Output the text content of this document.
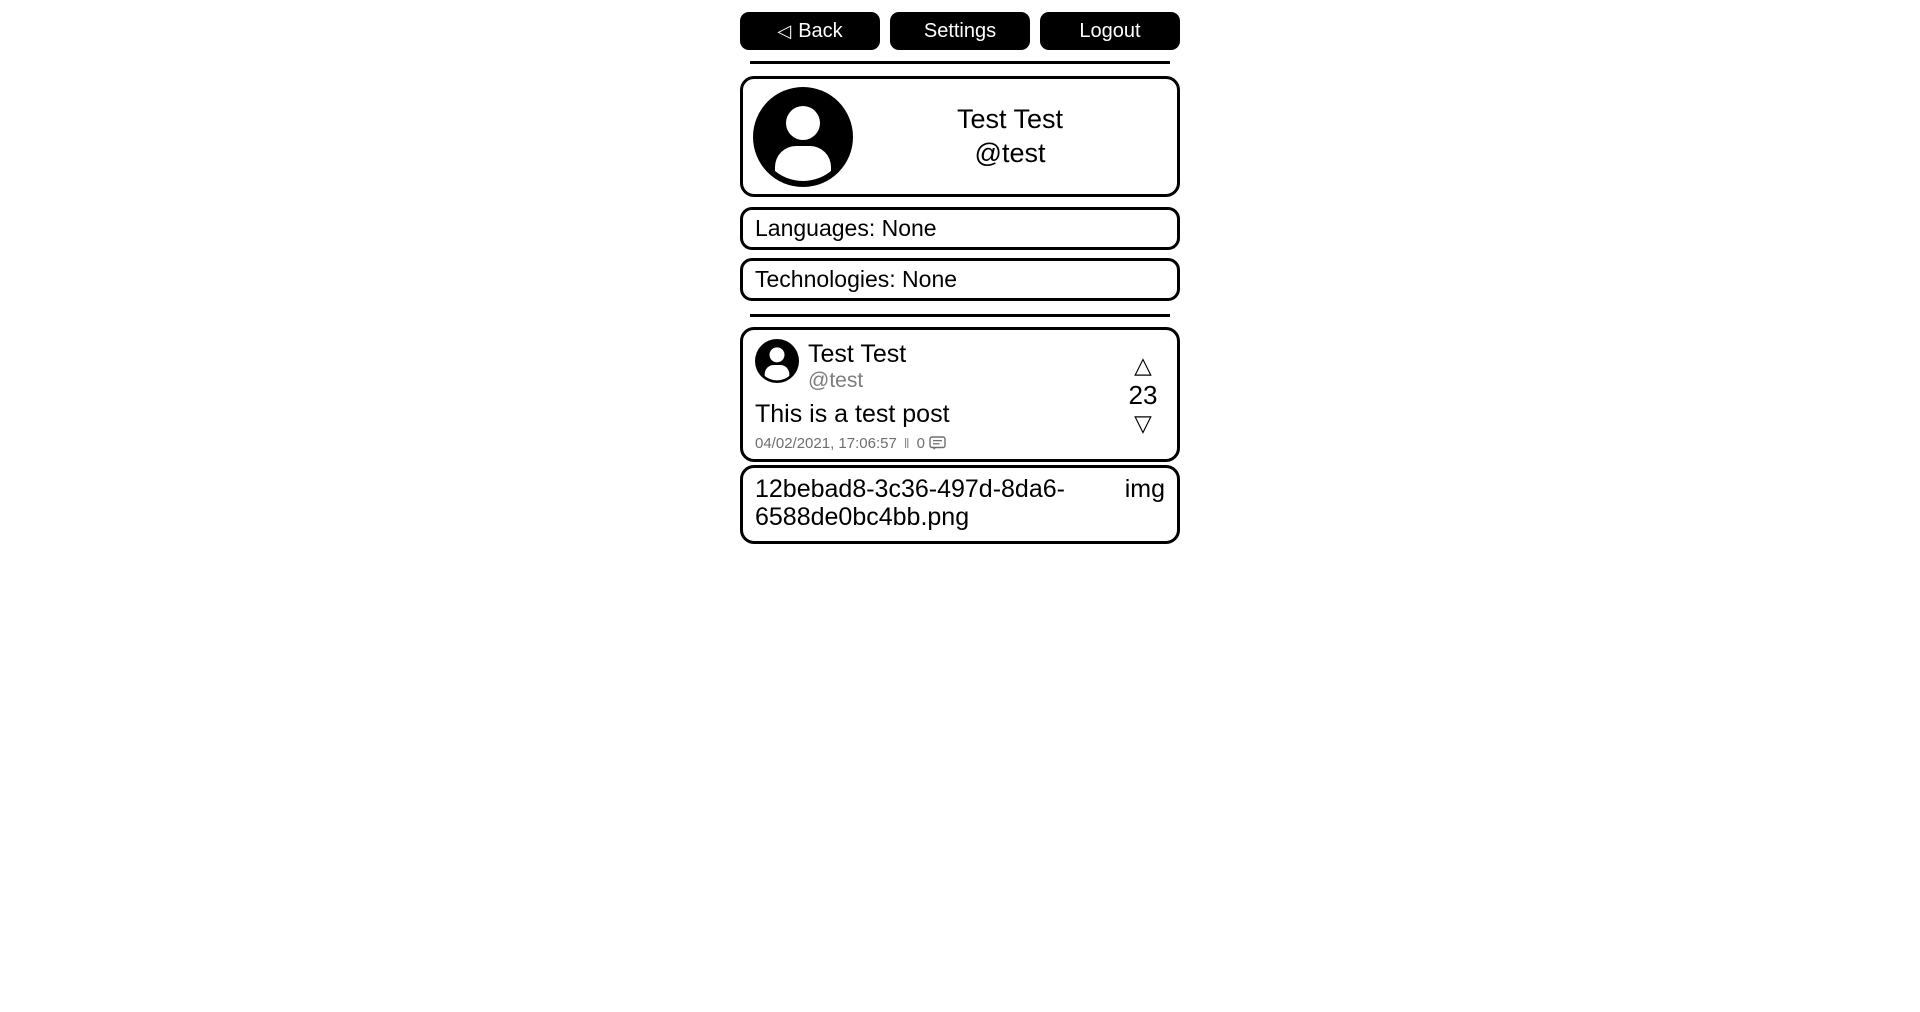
◁ Back	Settings	Logout
Test Test
@test
Languages: None
Technologies: None
Test Test
@test
This is a test post
04/02/2021, 17:06:57 ‖ 0
△
23
▽
12bebad8-3c36-497d-8da6-6588de0bc4bb.png
img
